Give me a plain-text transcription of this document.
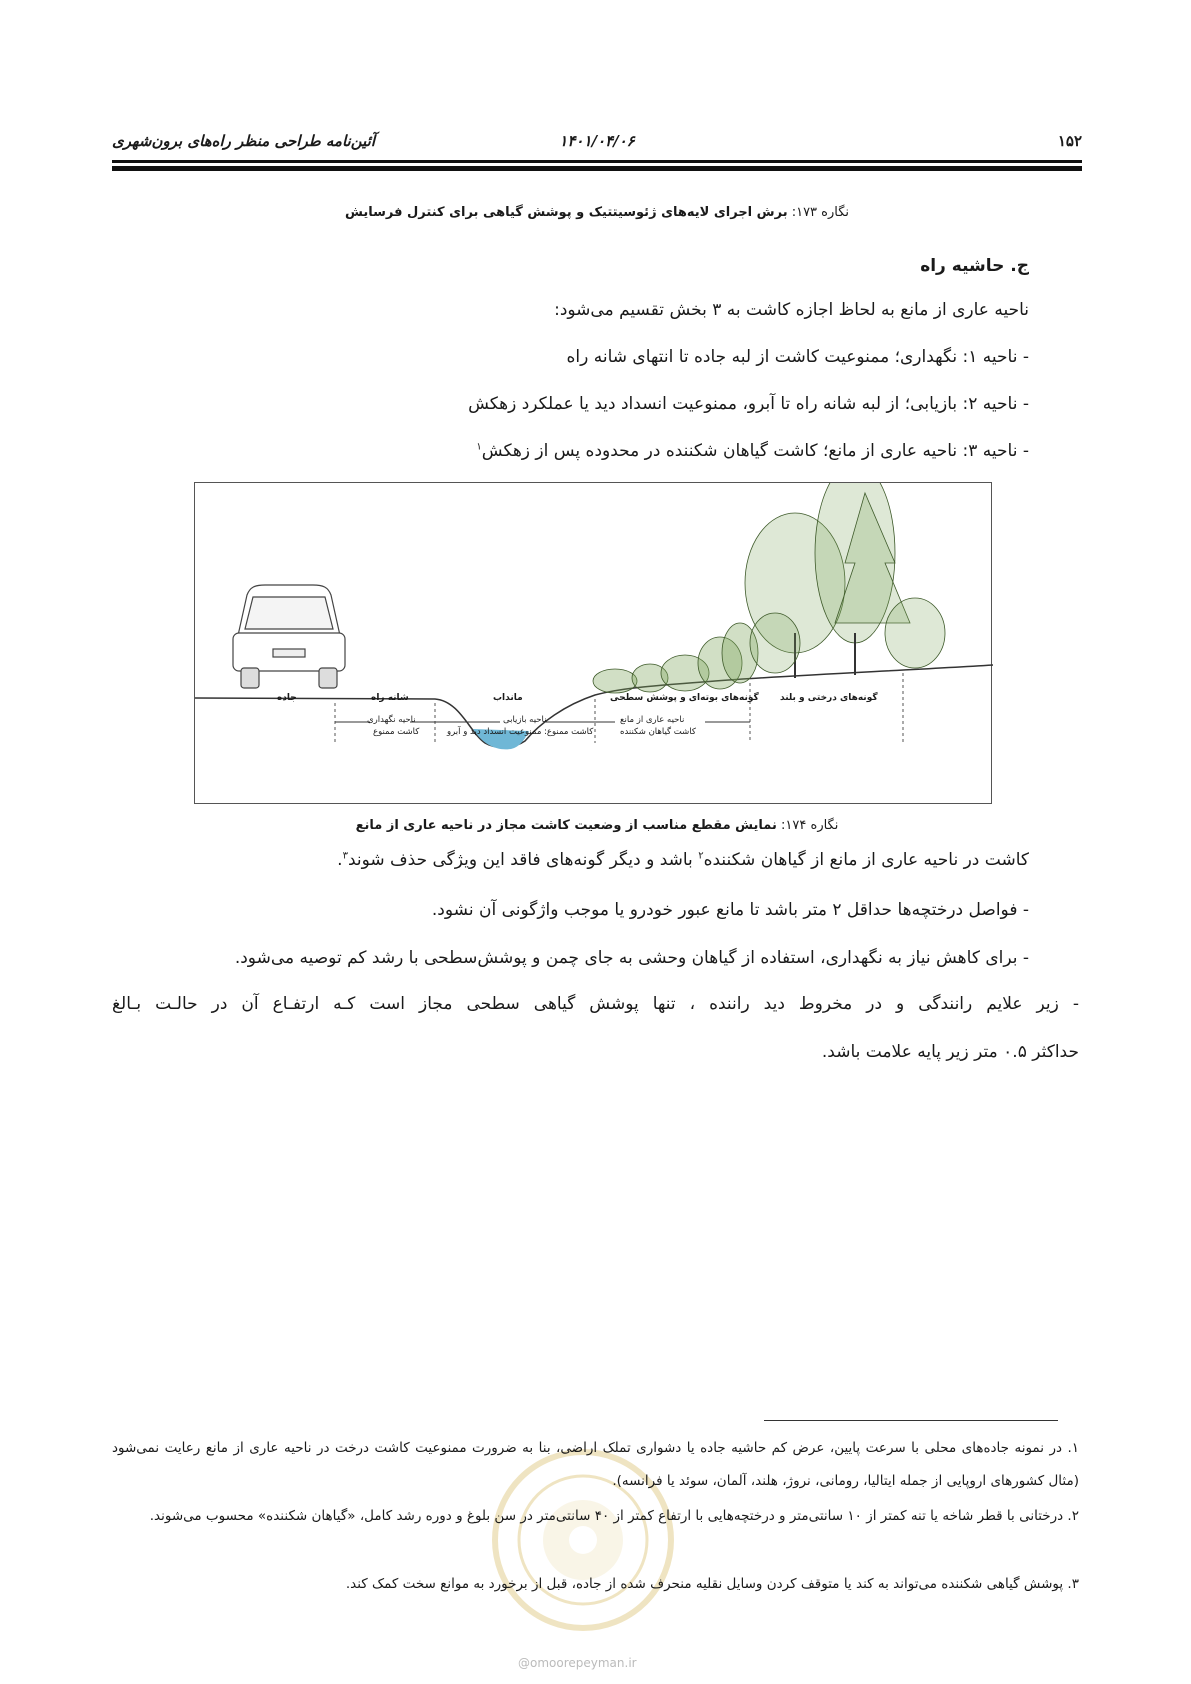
۱۵۲
۱۴۰۱/۰۴/۰۶
آئین‌نامه طراحی منظر راه‌های برون‌شهری
نگاره ۱۷۳: برش اجرای لایه‌های ژئوسیتتیک و پوشش گیاهی برای کنترل فرسایش
ج. حاشیه راه
ناحیه عاری از مانع به لحاظ اجازه کاشت به ۳ بخش تقسیم می‌شود:
- ناحیه ۱: نگهداری؛ ممنوعیت کاشت از لبه جاده تا انتهای شانه راه
- ناحیه ۲: بازیابی؛ از لبه شانه راه تا آبرو، ممنوعیت انسداد دید یا عملکرد زهکش
- ناحیه ۳: ناحیه عاری از مانع؛ کاشت گیاهان شکننده در محدوده پس از زهکش$^۱$
جاده	شانه راه	مانداب	گونه‌های بوته‌ای و پوشش سطحی گونه‌های درختی و بلند
ناحیه نگهداری
کاشت ممنوع
ناحیه بازیابی
کاشت ممنوع: ممنوعیت انسداد دید و آبرو
ناحیه عاری از مانع
کاشت گیاهان شکننده
نگاره ۱۷۴: نمایش مقطع مناسب از وضعیت کاشت مجاز در ناحیه عاری از مانع
کاشت در ناحیه عاری از مانع از گیاهان شکننده$^۲$ باشد و دیگر گونه‌های فاقد این ویژگی حذف شوند$^۳$.
- فواصل درختچه‌ها حداقل ۲ متر باشد تا مانع عبور خودرو یا موجب واژگونی آن نشود.
- برای کاهش نیاز به نگهداری، استفاده از گیاهان وحشی به جای چمن و پوشش‌سطحی با رشد کم توصیه می‌شود.
- زیر علایم رانندگی و در مخروط دید راننده ، تنها پوشش گیاهی سطحی مجاز است کـه ارتفـاع آن در حالـت بـالغ
حداکثر ۰.۵ متر زیر پایه علامت باشد.
۱. در نمونه جاده‌های محلی با سرعت پایین، عرض کم حاشیه جاده یا دشواری تملک اراضی، بنا به ضرورت ممنوعیت کاشت درخت در ناحیه عاری از مانع رعایت نمی‌شود (مثال کشورهای اروپایی از جمله ایتالیا، رومانی، نروژ، هلند، آلمان، سوئد یا فرانسه).
۲. درختانی با قطر شاخه یا تنه کمتر از ۱۰ سانتی‌متر و درختچه‌هایی با ارتفاع کمتر از ۴۰ سانتی‌متر در سن بلوغ و دوره رشد کامل، «گیاهان شکننده» محسوب می‌شوند.
۳. پوشش گیاهی شکننده می‌تواند به کند یا متوقف کردن وسایل نقلیه منحرف شده از جاده، قبل از برخورد به موانع سخت کمک کند.
@omoorepeyman.ir
